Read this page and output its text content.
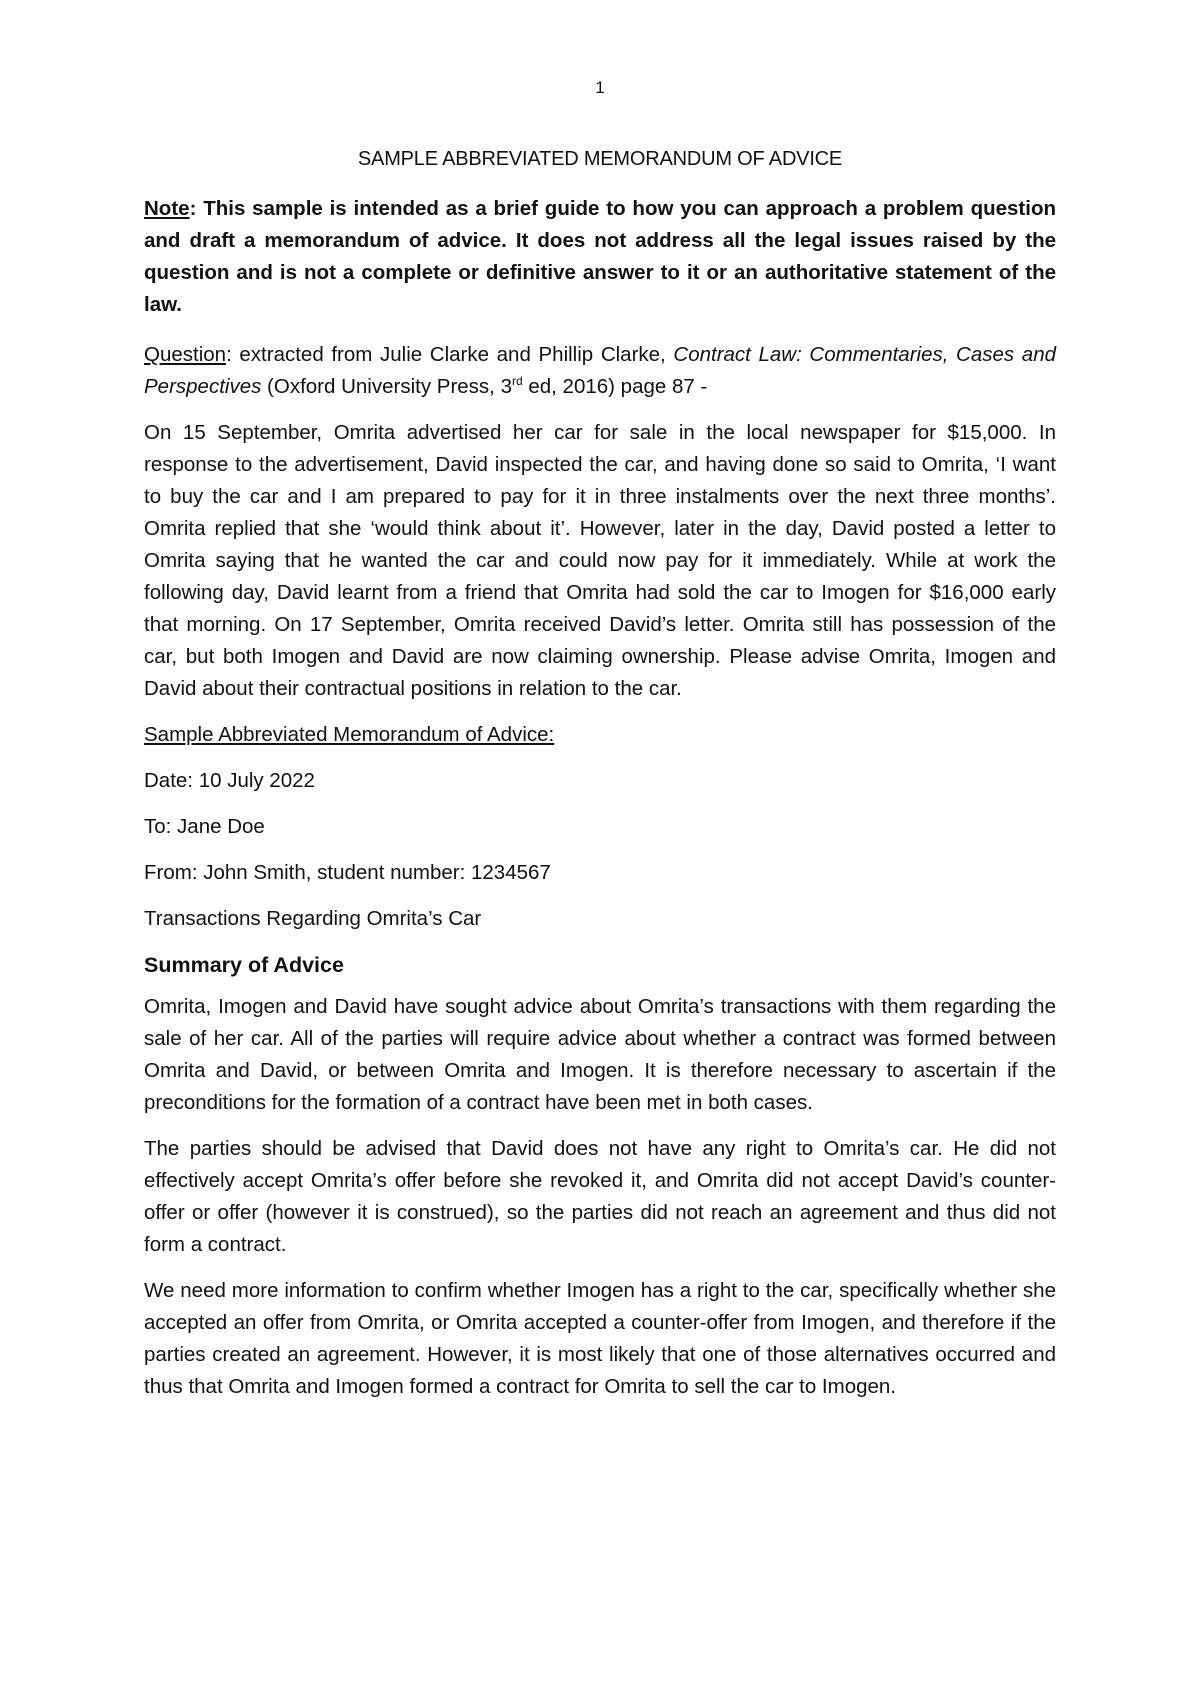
1
SAMPLE ABBREVIATED MEMORANDUM OF ADVICE
Note: This sample is intended as a brief guide to how you can approach a problem question and draft a memorandum of advice. It does not address all the legal issues raised by the question and is not a complete or definitive answer to it or an authoritative statement of the law.

Question: extracted from Julie Clarke and Phillip Clarke, Contract Law: Commentaries, Cases and Perspectives (Oxford University Press, 3rd ed, 2016) page 87 -

On 15 September, Omrita advertised her car for sale in the local newspaper for $15,000. In response to the advertisement, David inspected the car, and having done so said to Omrita, ‘I want to buy the car and I am prepared to pay for it in three instalments over the next three months’. Omrita replied that she ‘would think about it’. However, later in the day, David posted a letter to Omrita saying that he wanted the car and could now pay for it immediately. While at work the following day, David learnt from a friend that Omrita had sold the car to Imogen for $16,000 early that morning. On 17 September, Omrita received David’s letter. Omrita still has possession of the car, but both Imogen and David are now claiming ownership. Please advise Omrita, Imogen and David about their contractual positions in relation to the car.

Sample Abbreviated Memorandum of Advice:

Date: 10 July 2022

To: Jane Doe

From: John Smith, student number: 1234567

Transactions Regarding Omrita’s Car

Summary of Advice

Omrita, Imogen and David have sought advice about Omrita’s transactions with them regarding the sale of her car. All of the parties will require advice about whether a contract was formed between Omrita and David, or between Omrita and Imogen. It is therefore necessary to ascertain if the preconditions for the formation of a contract have been met in both cases.

The parties should be advised that David does not have any right to Omrita’s car. He did not effectively accept Omrita’s offer before she revoked it, and Omrita did not accept David’s counter-offer or offer (however it is construed), so the parties did not reach an agreement and thus did not form a contract.

We need more information to confirm whether Imogen has a right to the car, specifically whether she accepted an offer from Omrita, or Omrita accepted a counter-offer from Imogen, and therefore if the parties created an agreement. However, it is most likely that one of those alternatives occurred and thus that Omrita and Imogen formed a contract for Omrita to sell the car to Imogen.
